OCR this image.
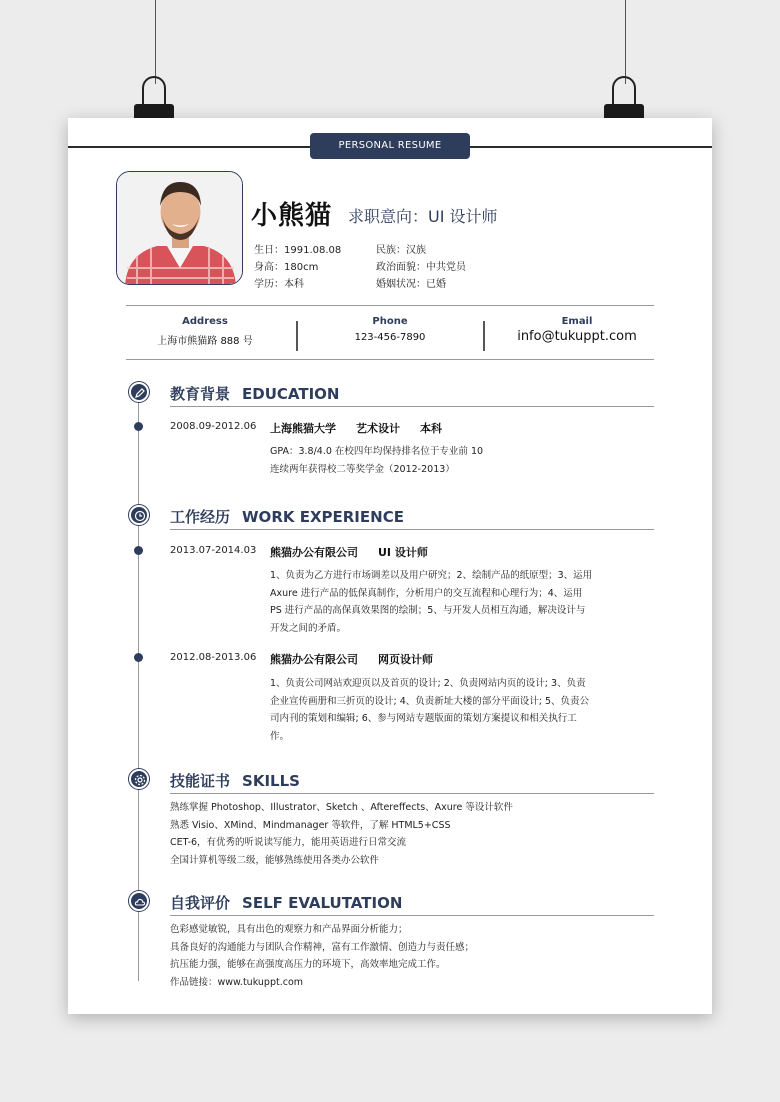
PERSONAL RESUME
小熊猫 求职意向：UI 设计师
生日：1991.08.08
身高：180cm
学历：本科
民族：汉族
政治面貌：中共党员
婚姻状况：已婚
Address
上海市熊猫路 888 号
Phone
123-456-7890
Email
info@tukuppt.com
教育背景 EDUCATION
2008.09-2012.06 上海熊猫大学 艺术设计 本科
GPA：3.8/4.0 在校四年均保持排名位于专业前 10
连续两年获得校二等奖学金（2012-2013）
工作经历 WORK EXPERIENCE
2013.07-2014.03 熊猫办公有限公司 UI 设计师
1、负责为乙方进行市场调差以及用户研究；2、绘制产品的纸原型；3、运用
Axure 进行产品的低保真制作，分析用户的交互流程和心理行为；4、运用
PS 进行产品的高保真效果图的绘制；5、与开发人员相互沟通，解决设计与
开发之间的矛盾。
2012.08-2013.06 熊猫办公有限公司 网页设计师
1、负责公司网站欢迎页以及首页的设计; 2、负责网站内页的设计; 3、负责
企业宣传画册和三折页的设计; 4、负责新址大楼的部分平面设计; 5、负责公
司内刊的策划和编辑; 6、参与网站专题版面的策划方案提议和相关执行工
作。
技能证书 SKILLS
熟练掌握 Photoshop、Illustrator、Sketch 、Aftereffects、Axure 等设计软件
熟悉 Visio、XMind、Mindmanager 等软件，了解 HTML5+CSS
CET-6，有优秀的听说读写能力，能用英语进行日常交流
全国计算机等级二级，能够熟练使用各类办公软件
自我评价 SELF EVALUTATION
色彩感觉敏锐，具有出色的观察力和产品界面分析能力；
具备良好的沟通能力与团队合作精神，富有工作激情、创造力与责任感；
抗压能力强，能够在高强度高压力的环境下，高效率地完成工作。
作品链接：www.tukuppt.com
